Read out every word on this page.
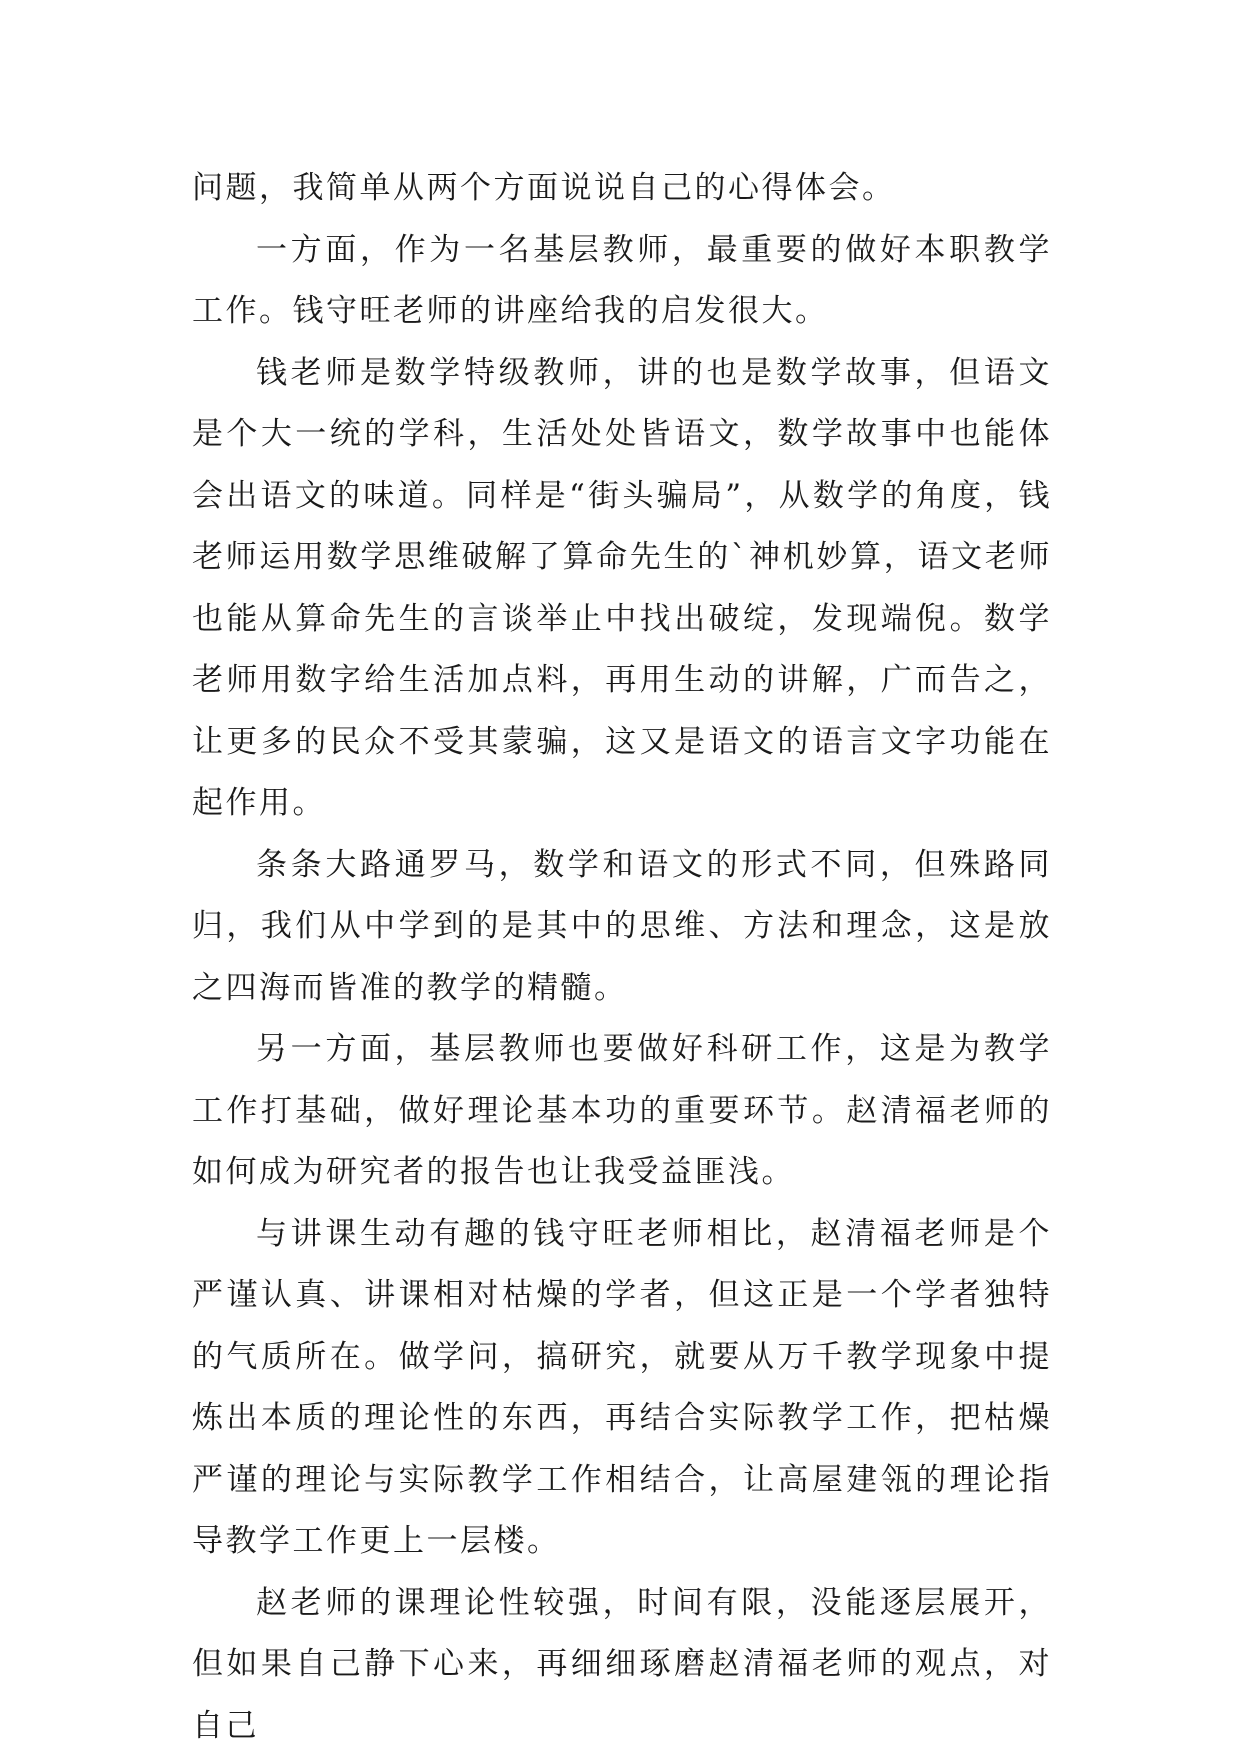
问题，我简单从两个方面说说自己的心得体会。

一方面，作为一名基层教师，最重要的做好本职教学工作。钱守旺老师的讲座给我的启发很大。

钱老师是数学特级教师，讲的也是数学故事，但语文是个大一统的学科，生活处处皆语文，数学故事中也能体会出语文的味道。同样是“街头骗局”，从数学的角度，钱老师运用数学思维破解了算命先生的`神机妙算，语文老师也能从算命先生的言谈举止中找出破绽，发现端倪。数学老师用数字给生活加点料，再用生动的讲解，广而告之，让更多的民众不受其蒙骗，这又是语文的语言文字功能在起作用。

条条大路通罗马，数学和语文的形式不同，但殊路同归，我们从中学到的是其中的思维、方法和理念，这是放之四海而皆准的教学的精髓。

另一方面，基层教师也要做好科研工作，这是为教学工作打基础，做好理论基本功的重要环节。赵清福老师的如何成为研究者的报告也让我受益匪浅。

与讲课生动有趣的钱守旺老师相比，赵清福老师是个严谨认真、讲课相对枯燥的学者，但这正是一个学者独特的气质所在。做学问，搞研究，就要从万千教学现象中提炼出本质的理论性的东西，再结合实际教学工作，把枯燥严谨的理论与实际教学工作相结合，让高屋建瓴的理论指导教学工作更上一层楼。

赵老师的课理论性较强，时间有限，没能逐层展开，但如果自己静下心来，再细细琢磨赵清福老师的观点，对自己
